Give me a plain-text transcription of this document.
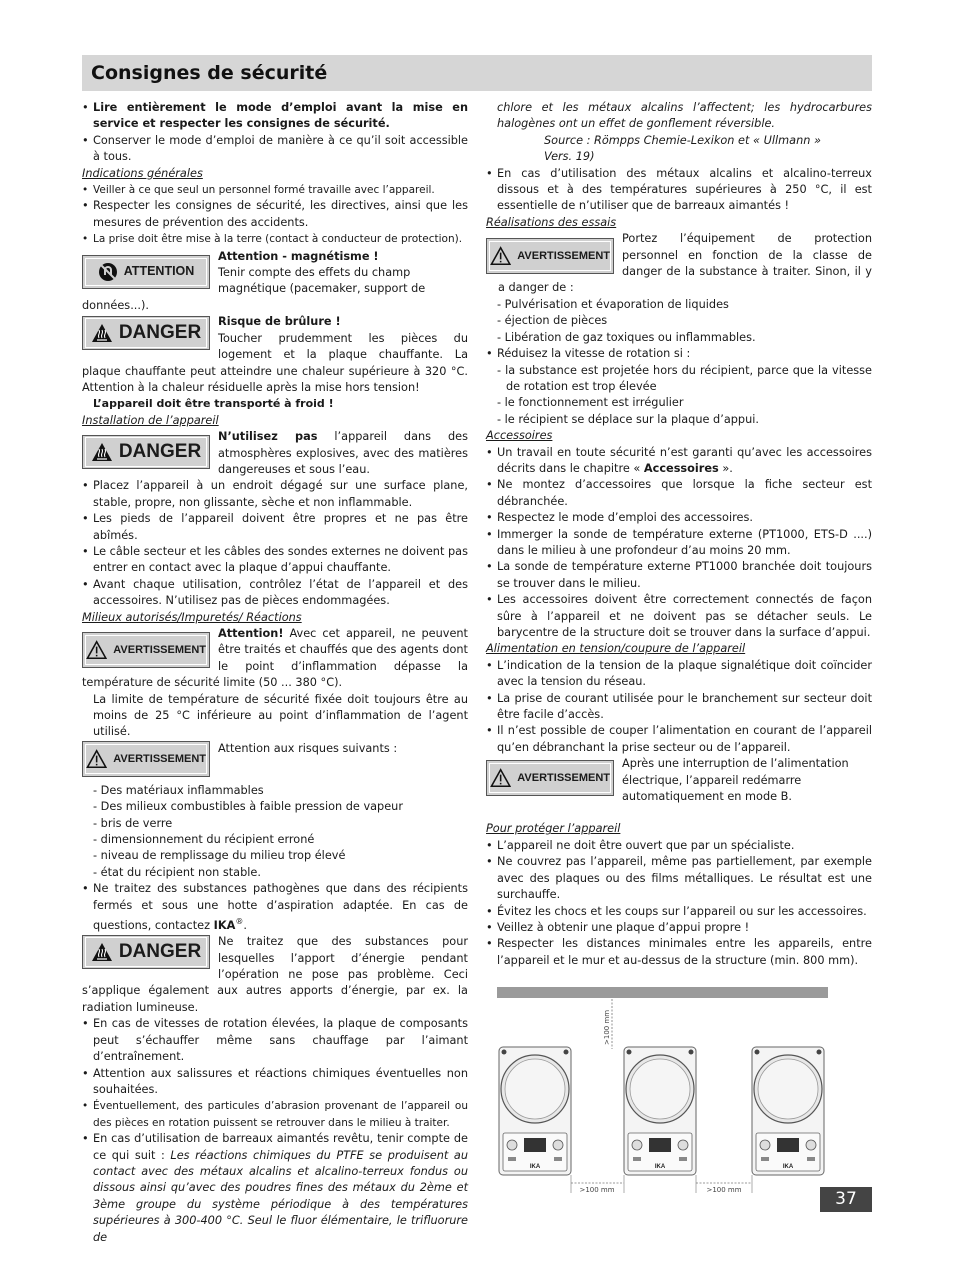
Consignes de sécurité
• Lire entièrement le mode d’emploi avant la mise en service et respecter les consignes de sécurité.
• Conserver le mode d’emploi de manière à ce qu’il soit accessible à tous.

Indications générales

• Veiller à ce que seul un personnel formé travaille avec l’appareil.
• Respecter les consignes de sécurité, les directives, ainsi que les mesures de prévention des accidents.
• La prise doit être mise à la terre (contact à conducteur de protection).
ATTENTION

Attention - magnétisme !

Tenir compte des effets du champ magnétique (pacemaker, support de données...).

DANGER

Risque de brûlure !

Toucher prudemment les pièces du logement et la plaque chauffante. La plaque chauffante peut atteindre une chaleur supérieure à 320 °C. Attention à la chaleur résiduelle après la mise hors tension!

L’appareil doit être transporté à froid !

Installation de l’appareil

DANGER

N’utilisez pas l’appareil dans des atmosphères explosives, avec des matières dangereuses et sous l’eau.

• Placez l’appareil à un endroit dégagé sur une surface plane, stable, propre, non glissante, sèche et non inflammable.
• Les pieds de l’appareil doivent être propres et ne pas être abîmés.
• Le câble secteur et les câbles des sondes externes ne doivent pas entrer en contact avec la plaque d’appui chauffante.
• Avant chaque utilisation, contrôlez l’état de l’appareil et des accessoires. N’utilisez pas de pièces endommagées.

Milieux autorisés/Impuretés/ Réactions

AVERTISSEMENT

Attention! Avec cet appareil, ne peuvent être traités et chauffés que des agents dont le point d’inflammation dépasse la température de sécurité limite (50 ... 380 °C).

La limite de température de sécurité fixée doit toujours être au moins de 25 °C inférieure au point d’inflammation de l’agent utilisé.

AVERTISSEMENT

Attention aux risques suivants :

- Des matériaux inflammables

- Des milieux combustibles à faible pression de vapeur

- bris de verre

- dimensionnement du récipient erroné

- niveau de remplissage du milieu trop élevé

- état du récipient non stable.

• Ne traitez des substances pathogènes que dans des récipients fermés et sous une hotte d’aspiration adaptée. En cas de questions, contactez IKA®.
DANGER	Ne traitez que des substances pour lesquelles l’apport d’énergie pendant l’opération ne pose pas problème. Ceci s’applique également aux autres apports d’énergie, par ex. la radiation lumineuse.

• En cas de vitesses de rotation élevées, la plaque de composants peut s’échauffer même sans chauffage par l’aimant d’entraînement.
• Attention aux salissures et réactions chimiques éventuelles non souhaitées.
• Éventuellement, des particules d’abrasion provenant de l’appareil ou des pièces en rotation puissent se retrouver dans le milieu à traiter.
• En cas d’utilisation de barreaux aimantés revêtu, tenir compte de ce qui suit : Les réactions chimiques du PTFE se produisent au contact avec des métaux alcalins et alcalino-terreux fondus ou dissous ainsi qu’avec des poudres fines des métaux du 2ème et 3ème groupe du système périodique à des températures supérieures à 300-400 °C. Seul le fluor élémentaire, le trifluorure de

chlore et les métaux alcalins l’affectent; les hydrocarbures halogènes ont un effet de gonflement réversible.

Source : Römpps Chemie-Lexikon et « Ullmann » Vers. 19)

• En cas d’utilisation des métaux alcalins et alcalino-terreux dissous et à des températures supérieures à 250 °C, il est essentielle de n’utiliser que de barreaux aimantés !

Réalisations des essais

AVERTISSEMENT

Portez l’équipement de protection personnel en fonction de la classe de danger de la substance à traiter. Sinon, il y a danger de :

- Pulvérisation et évaporation de liquides

- éjection de pièces

- Libération de gaz toxiques ou inflammables.

• Réduisez la vitesse de rotation si :

- la substance est projetée hors du récipient, parce que la vitesse de rotation est trop élevée

- le fonctionnement est irrégulier

- le récipient se déplace sur la plaque d’appui.

Accessoires

• Un travail en toute sécurité n’est garanti qu’avec les accessoires décrits dans le chapitre « Accessoires ».
• Ne montez d’accessoires que lorsque la fiche secteur est débranchée.
• Respectez le mode d’emploi des accessoires.
• Immerger la sonde de température externe (PT1000, ETS-D ....) dans le milieu à une profondeur d’au moins 20 mm.
• La sonde de température externe PT1000 branchée doit toujours se trouver dans le milieu.
• Les accessoires doivent être correctement connectés de façon sûre à l’appareil et ne doivent pas se détacher seuls. Le barycentre de la structure doit se trouver dans la surface d’appui.

Alimentation en tension/coupure de l’appareil

• L’indication de la tension de la plaque signalétique doit coïncider avec la tension du réseau.
• La prise de courant utilisée pour le branchement sur secteur doit être facile d’accès.
• Il n’est possible de couper l’alimentation en courant de l’appareil qu’en débranchant la prise secteur ou de l’appareil.
AVERTISSEMENT

Après une interruption de l’alimentation électrique, l’appareil redémarre automatiquement en mode B.

Pour protéger l’appareil

• L’appareil ne doit être ouvert que par un spécialiste.
• Ne couvrez pas l’appareil, même pas partiellement, par exemple avec des plaques ou des films métalliques. Le résultat est une surchauffe.
• Évitez les chocs et les coups sur l’appareil ou sur les accessoires.
• Veillez à obtenir une plaque d’appui propre !
• Respecter les distances minimales entre les appareils, entre l’appareil et le mur et au-dessus de la structure (min. 800 mm).
>100 mm
IKA	IKA	IKA
>100 mm	>100 mm	37
